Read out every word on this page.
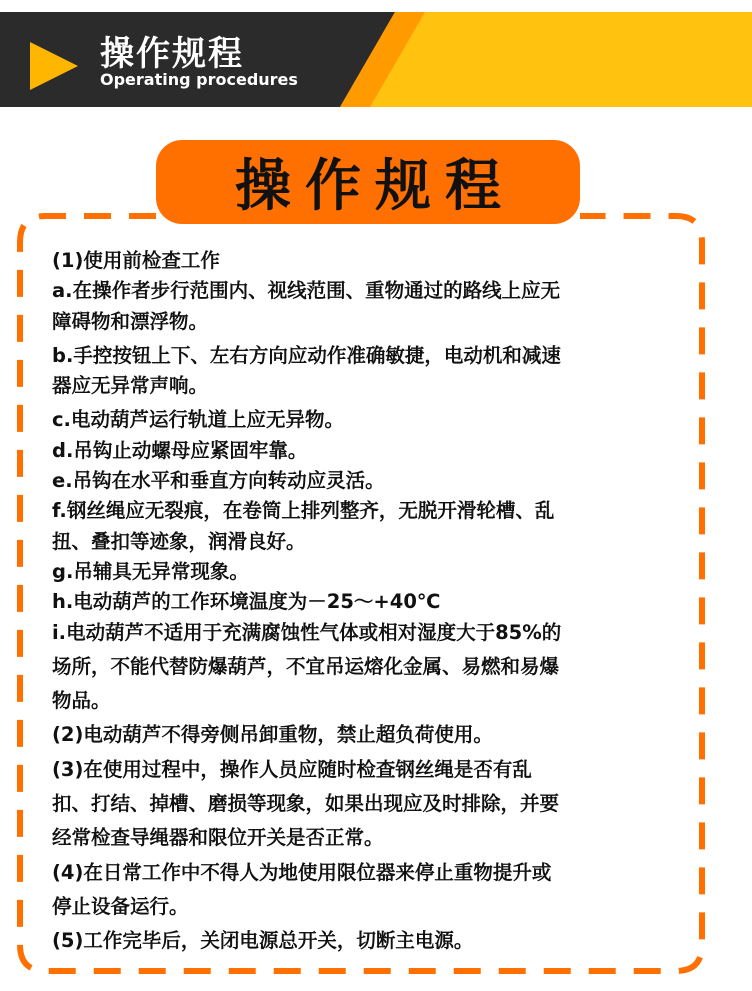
操作规程
Operating procedures
操作规程
(1)使用前检查工作
a.在操作者步行范围内、视线范围、重物通过的路线上应无
障碍物和漂浮物。
b.手控按钮上下、左右方向应动作准确敏捷，电动机和减速
器应无异常声响。
c.电动葫芦运行轨道上应无异物。
d.吊钩止动螺母应紧固牢靠。
e.吊钩在水平和垂直方向转动应灵活。
f.钢丝绳应无裂痕，在卷筒上排列整齐，无脱开滑轮槽、乱
扭、叠扣等迹象，润滑良好。
g.吊辅具无异常现象。
h.电动葫芦的工作环境温度为－25～+40℃
i.电动葫芦不适用于充满腐蚀性气体或相对湿度大于85%的
场所，不能代替防爆葫芦，不宜吊运熔化金属、易燃和易爆
物品。
(2)电动葫芦不得旁侧吊卸重物，禁止超负荷使用。
(3)在使用过程中，操作人员应随时检查钢丝绳是否有乱
扣、打结、掉槽、磨损等现象，如果出现应及时排除，并要
经常检查导绳器和限位开关是否正常。
(4)在日常工作中不得人为地使用限位器来停止重物提升或
停止设备运行。
(5)工作完毕后，关闭电源总开关，切断主电源。
